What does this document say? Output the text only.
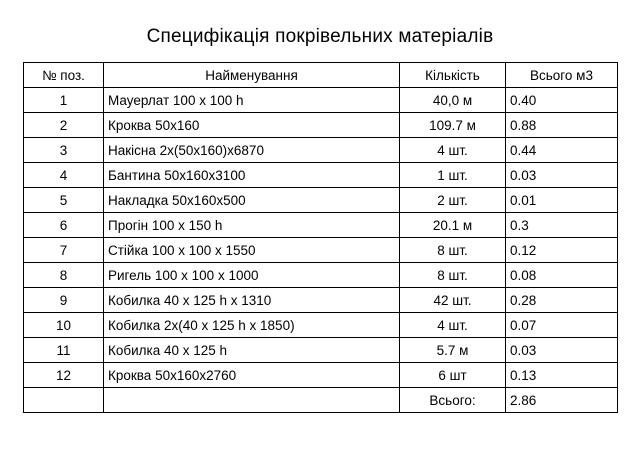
Специфікація покрівельних матеріалів
№ поз.	Найменування	Кількість	Всього м3
1	Мауерлат 100 x 100 h	40,0 м	0.40
2	Кроква 50х160	109.7 м	0.88
3	Накісна 2х(50х160)х6870	4 шт.	0.44
4	Бантина 50х160х3100	1 шт.	0.03
5	Накладка 50х160х500	2 шт.	0.01
6	Прогін 100 x 150 h	20.1 м	0.3
7	Стійка 100 x 100 x 1550	8 шт.	0.12
8	Ригель 100 x 100 x 1000	8 шт.	0.08
9	Кобилка 40 x 125 h x 1310	42 шт.	0.28
10	Кобилка 2х(40 x 125 h x 1850)	4 шт.	0.07
11	Кобилка 40 x 125 h	5.7 м	0.03
12	Кроква 50х160х2760	6 шт	0.13
		Всього:	2.86
